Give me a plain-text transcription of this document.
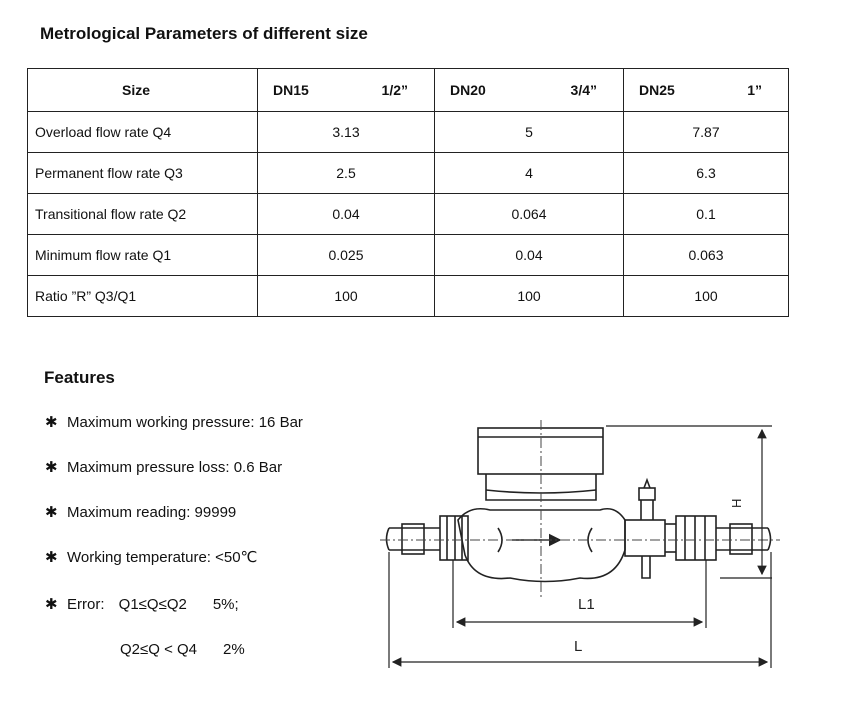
Metrological Parameters of different size
Size	DN15 1/2”	DN20 3/4”	DN25 1”

Overload flow rate Q4	3.13	5	7.87
Permanent flow rate Q3	2.5	4	6.3
Transitional flow rate Q2	0.04	0.064	0.1
Minimum flow rate Q1	0.025	0.04	0.063
Ratio ”R” Q3/Q1	100	100	100
Features
✱ Maximum working pressure: 16 Bar
✱ Maximum pressure loss: 0.6 Bar
✱ Maximum reading: 99999
✱ Working temperature: <50℃
✱ Error: Q1≤Q≤Q2 5%;
Q2≤Q < Q4 2%
L1
L
H
